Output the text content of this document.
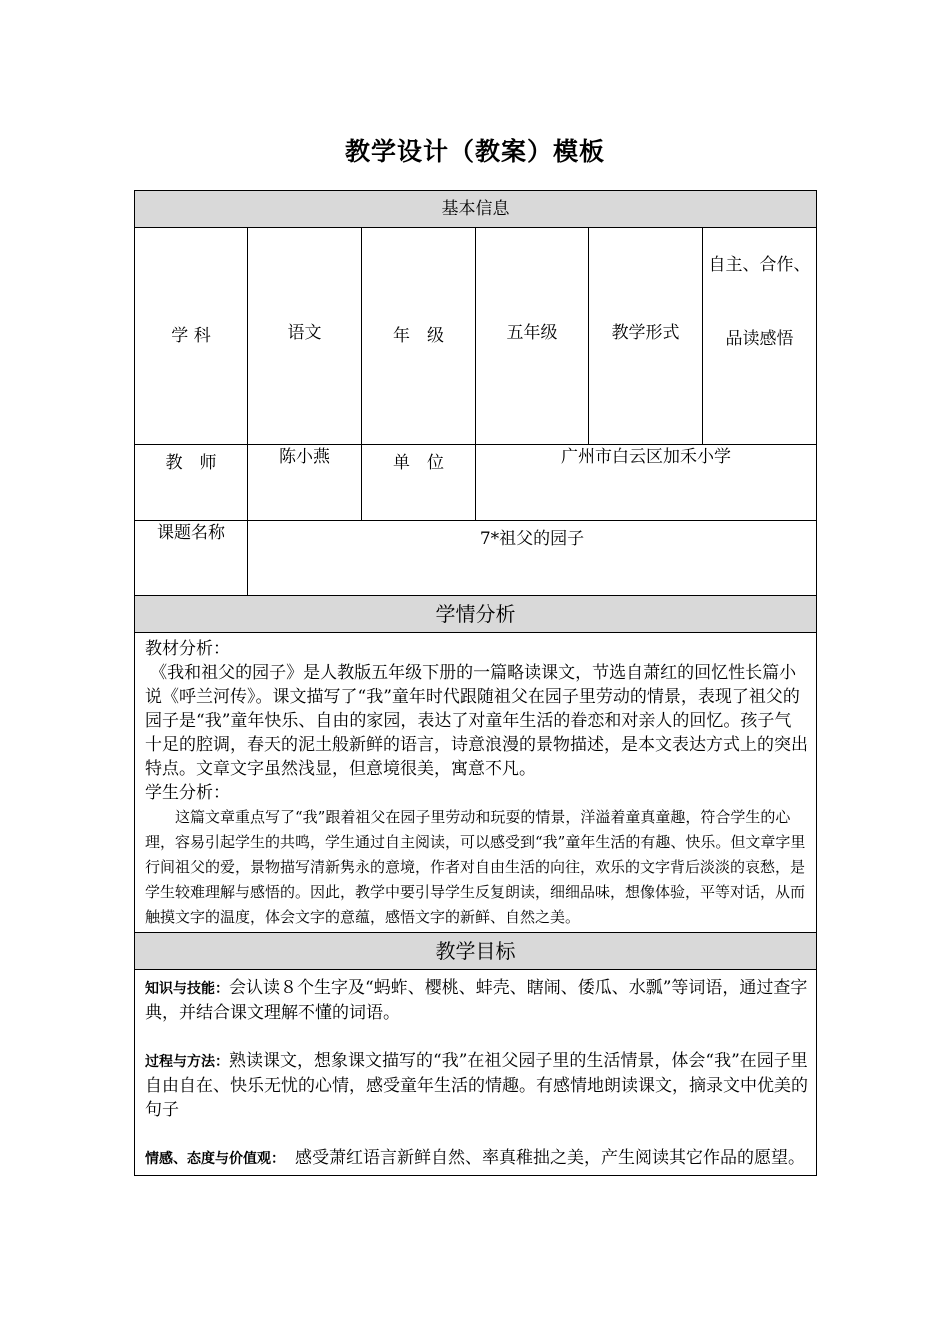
教学设计（教案）模板
基本信息					
学 科	语文	年　级	五年级	教学形式	自主、合作、品读感悟
教　师	陈小燕	单　位	广州市白云区加禾小学		
课题名称	7*祖父的园子				
学情分析					

教材分析：

《我和祖父的园子》是人教版五年级下册的一篇略读课文，节选自萧红的回忆性长篇小说《呼兰河传》。课文描写了“我”童年时代跟随祖父在园子里劳动的情景，表现了祖父的园子是“我”童年快乐、自由的家园，表达了对童年生活的眷恋和对亲人的回忆。孩子气十足的腔调，春天的泥土般新鲜的语言，诗意浪漫的景物描述，是本文表达方式上的突出特点。文章文字虽然浅显，但意境很美，寓意不凡。

学生分析：

这篇文章重点写了“我”跟着祖父在园子里劳动和玩耍的情景，洋溢着童真童趣，符合学生的心理，容易引起学生的共鸣，学生通过自主阅读，可以感受到“我”童年生活的有趣、快乐。但文章字里行间祖父的爱，景物描写清新隽永的意境，作者对自由生活的向往，欢乐的文字背后淡淡的哀愁，是学生较难理解与感悟的。因此，教学中要引导学生反复朗读，细细品味，想像体验，平等对话，从而触摸文字的温度，体会文字的意蕴，感悟文字的新鲜、自然之美。					

教学目标					

知识与技能：会认读８个生字及“蚂蚱、樱桃、蚌壳、瞎闹、倭瓜、水瓢”等词语，通过查字典，并结合课文理解不懂的词语。

过程与方法：熟读课文，想象课文描写的“我”在祖父园子里的生活情景，体会“我”在园子里自由自在、快乐无忧的心情，感受童年生活的情趣。有感情地朗读课文，摘录文中优美的句子

情感、态度与价值观：　感受萧红语言新鲜自然、率真稚拙之美，产生阅读其它作品的愿望。					
